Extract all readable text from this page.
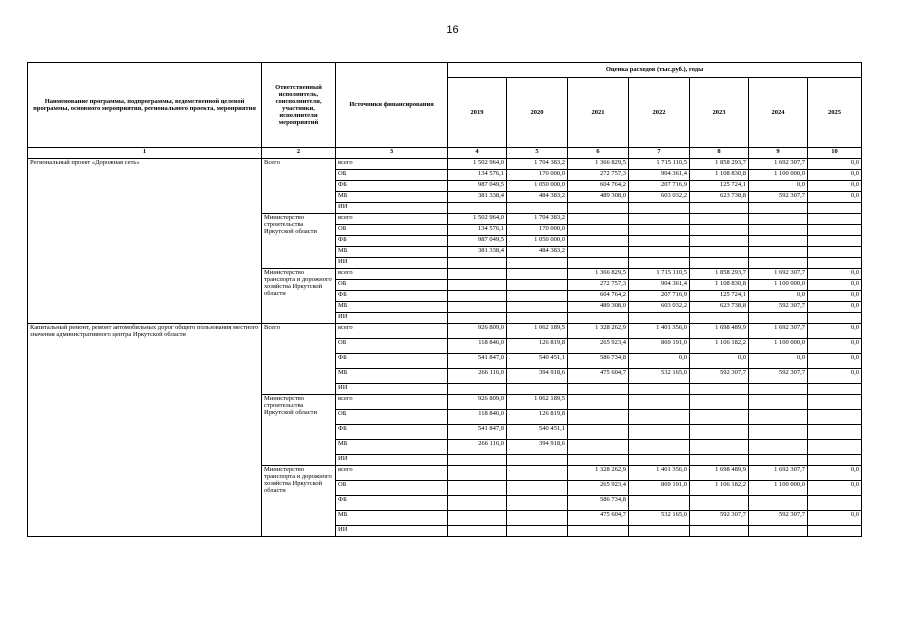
16
Наименование программы, подпрограммы, ведомственной целевой программы, основного мероприятия, регионального проекта, мероприятия	Ответственный исполнитель, соисполнители, участники, исполнители мероприятий	Источники финансирования	Оценка расходов (тыс.руб.), годы						
			2019	2020	2021	2022	2023	2024	2025
1	2	3	4	5	6	7	8	9	10
Региональный проект «Дорожная сеть»	Всего	всего	1 502 964,0	1 704 383,2	1 366 829,5	1 715 110,5	1 858 293,7	1 692 307,7	0,0
		ОБ	134 576,1	170 000,0	272 757,3	904 361,4	1 108 830,8	1 100 000,0	0,0
		ФБ	987 049,5	1 050 000,0	604 764,2	207 716,9	125 724,1	0,0	0,0
		МБ	381 338,4	484 383,2	489 308,0	603 032,2	623 738,8	592 307,7	0,0
		ИИ							
	Министерство строительства Иркутской области	всего	1 502 964,0	1 704 383,2					
		ОБ	134 576,1	170 000,0					
		ФБ	987 049,5	1 050 000,0					
		МБ	381 338,4	484 383,2					
		ИИ							
	Министерство транспорта и дорожного хозяйства Иркутской области	всего			1 366 829,5	1 715 110,5	1 858 293,7	1 692 307,7	0,0
		ОБ			272 757,3	904 361,4	1 108 830,8	1 100 000,0	0,0
		ФБ			604 764,2	207 716,9	125 724,1	0,0	0,0
		МБ			489 308,0	603 032,2	623 738,8	592 307,7	0,0
		ИИ							
Капитальный ремонт, ремонт автомобильных дорог общего пользования местного значения административного центра Иркутской области	Всего	всего	926 809,0	1 062 189,5	1 328 262,9	1 401 356,0	1 698 489,9	1 692 307,7	0,0
		ОБ	118 846,0	126 819,8	265 923,4	869 191,0	1 106 182,2	1 100 000,0	0,0
		ФБ	541 847,0	540 451,1	586 734,8	0,0	0,0	0,0	0,0
		МБ	266 116,0	394 918,6	475 604,7	532 165,0	592 307,7	592 307,7	0,0
		ИИ							
	Министерство строительства Иркутской области	всего	926 809,0	1 062 189,5					
		ОБ	118 846,0	126 819,8					
		ФБ	541 847,0	540 451,1					
		МБ	266 116,0	394 918,6					
		ИИ							
	Министерство транспорта и дорожного хозяйства Иркутской области	всего			1 328 262,9	1 401 356,0	1 698 489,9	1 692 307,7	0,0
		ОБ			265 923,4	869 191,0	1 106 182,2	1 100 000,0	0,0
		ФБ			586 734,8				
		МБ			475 604,7	532 165,0	592 307,7	592 307,7	0,0
		ИИ							
